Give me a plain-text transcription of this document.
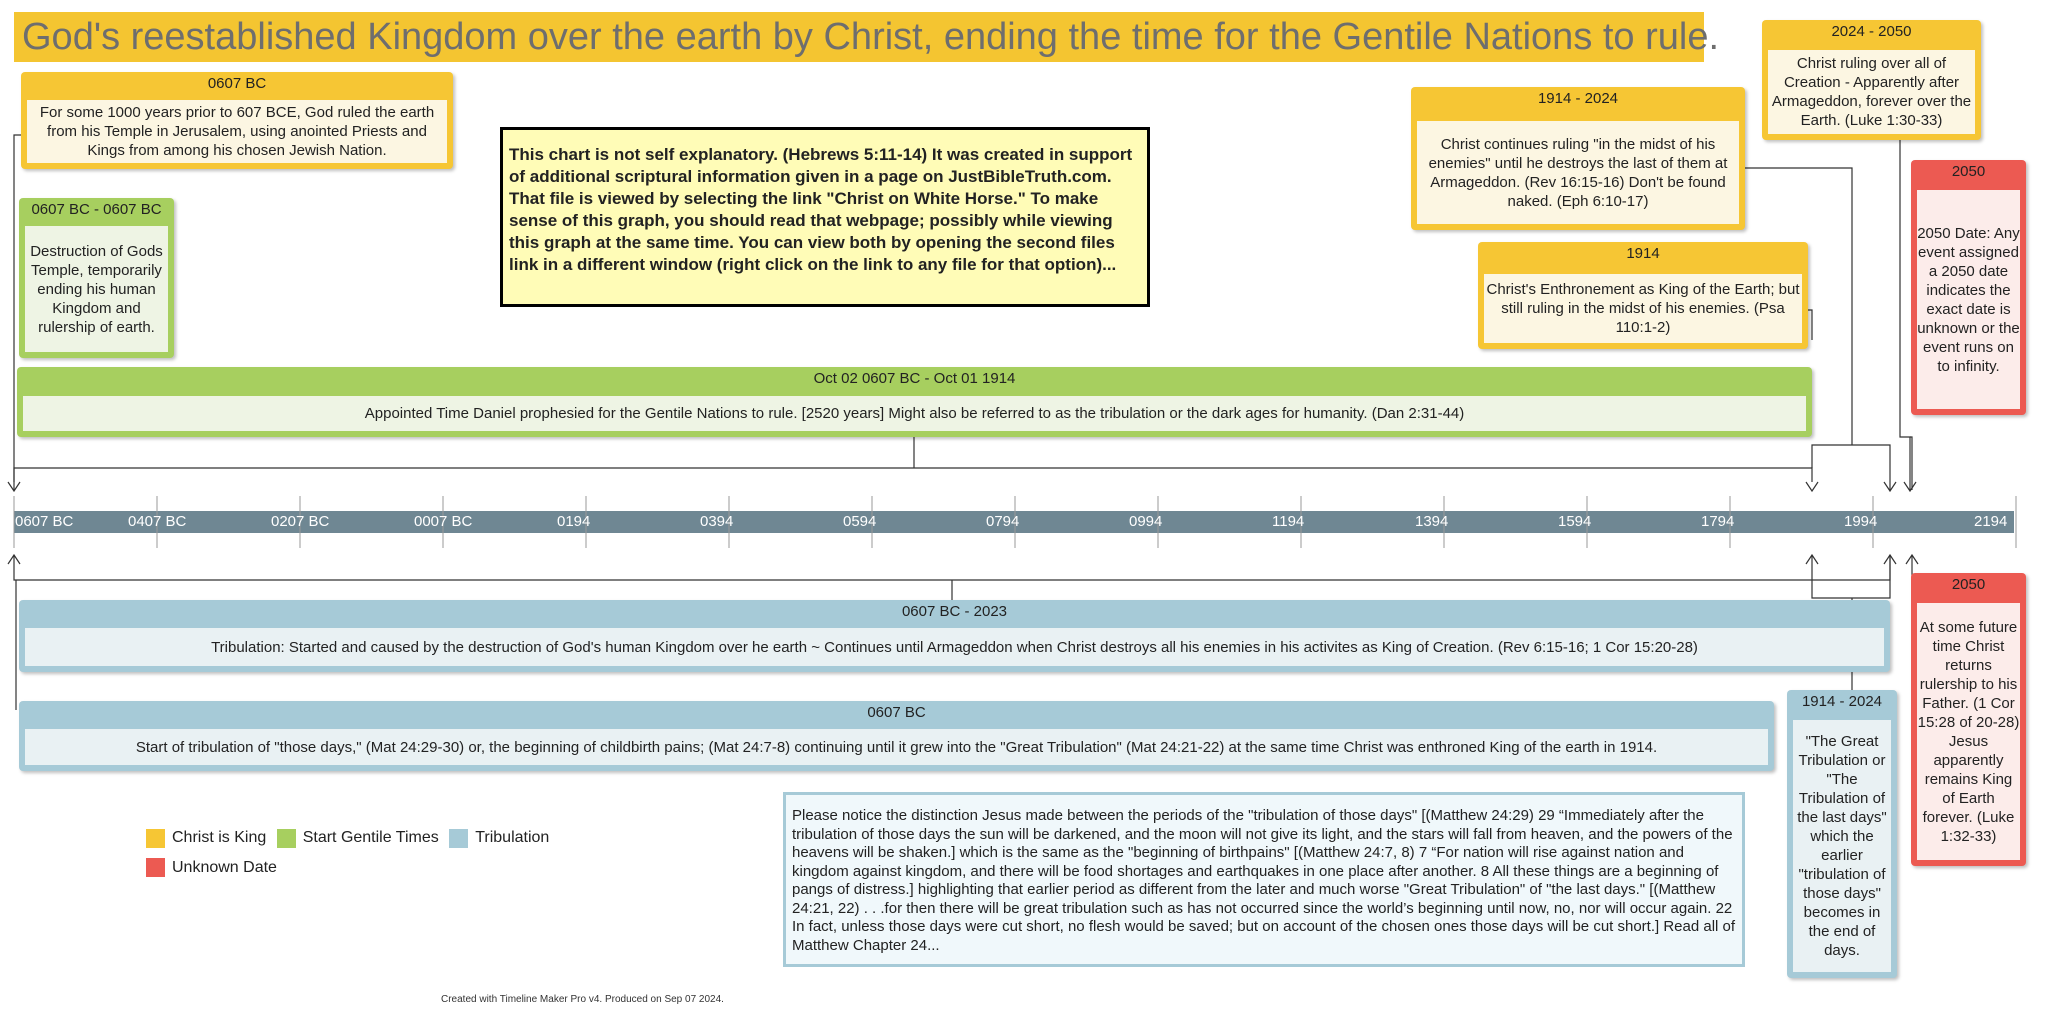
God's reestablished Kingdom over the earth by Christ, ending the time for the Gentile Nations to rule.
0607 BC
For some 1000 years prior to 607 BCE, God ruled the earth from his Temple in Jerusalem, using anointed Priests and Kings from among his chosen Jewish Nation.
0607 BC - 0607 BC
Destruction of Gods Temple, temporarily ending his human Kingdom and rulership of earth.
This chart is not self explanatory. (Hebrews 5:11-14) It was created in support of additional scriptural information given in a page on JustBibleTruth.com. That file is viewed by selecting the link "Christ on White Horse." To make sense of this graph, you should read that webpage; possibly while viewing this graph at the same time. You can view both by opening the second files link in a different window (right click on the link to any file for that option)...
Oct 02 0607 BC - Oct 01 1914
Appointed Time Daniel prophesied for the Gentile Nations to rule. [2520 years] Might also be referred to as the tribulation or the dark ages for humanity. (Dan 2:31-44)
1914 - 2024
Christ continues ruling "in the midst of his enemies" until he destroys the last of them at Armageddon. (Rev 16:15-16) Don't be found naked. (Eph 6:10-17)
1914
Christ's Enthronement as King of the Earth; but still ruling in the midst of his enemies. (Psa 110:1-2)
2024 - 2050
Christ ruling over all of Creation - Apparently after Armageddon, forever over the Earth. (Luke 1:30-33)
2050
2050 Date: Any event assigned a 2050 date indicates the exact date is unknown or the event runs on to infinity.
0607 BC	0407 BC	0207 BC	0007 BC	0194	0394	0594	0794	0994	1194	1394	1594	1794	1994	2194
0607 BC - 2023
Tribulation: Started and caused by the destruction of God's human Kingdom over he earth ~ Continues until Armageddon when Christ destroys all his enemies in his activites as King of Creation. (Rev 6:15-16; 1 Cor 15:20-28)
0607 BC
Start of tribulation of "those days," (Mat 24:29-30) or, the beginning of childbirth pains; (Mat 24:7-8) continuing until it grew into the "Great Tribulation" (Mat 24:21-22) at the same time Christ was enthroned King of the earth in 1914.
1914 - 2024
"The Great Tribulation or "The Tribulation of the last days" which the earlier "tribulation of those days" becomes in the end of days.
2050
At some future time Christ returns rulership to his Father. (1 Cor 15:28 of 20-28) Jesus apparently remains King of Earth forever. (Luke 1:32-33)
Please notice the distinction Jesus made between the periods of the "tribulation of those days" [(Matthew 24:29) 29 “Immediately after the tribulation of those days the sun will be darkened, and the moon will not give its light, and the stars will fall from heaven, and the powers of the heavens will be shaken.] which is the same as the "beginning of birthpains" [(Matthew 24:7, 8) 7 “For nation will rise against nation and kingdom against kingdom, and there will be food shortages and earthquakes in one place after another. 8 All these things are a beginning of pangs of distress.] highlighting that earlier period as different from the later and much worse "Great Tribulation" of "the last days." [(Matthew 24:21, 22) . . .for then there will be great tribulation such as has not occurred since the world’s beginning until now, no, nor will occur again. 22 In fact, unless those days were cut short, no flesh would be saved; but on account of the chosen ones those days will be cut short.] Read all of Matthew Chapter 24...
Christ is King
Start Gentile Times
Tribulation
Unknown Date
Created with Timeline Maker Pro v4. Produced on Sep 07 2024.
